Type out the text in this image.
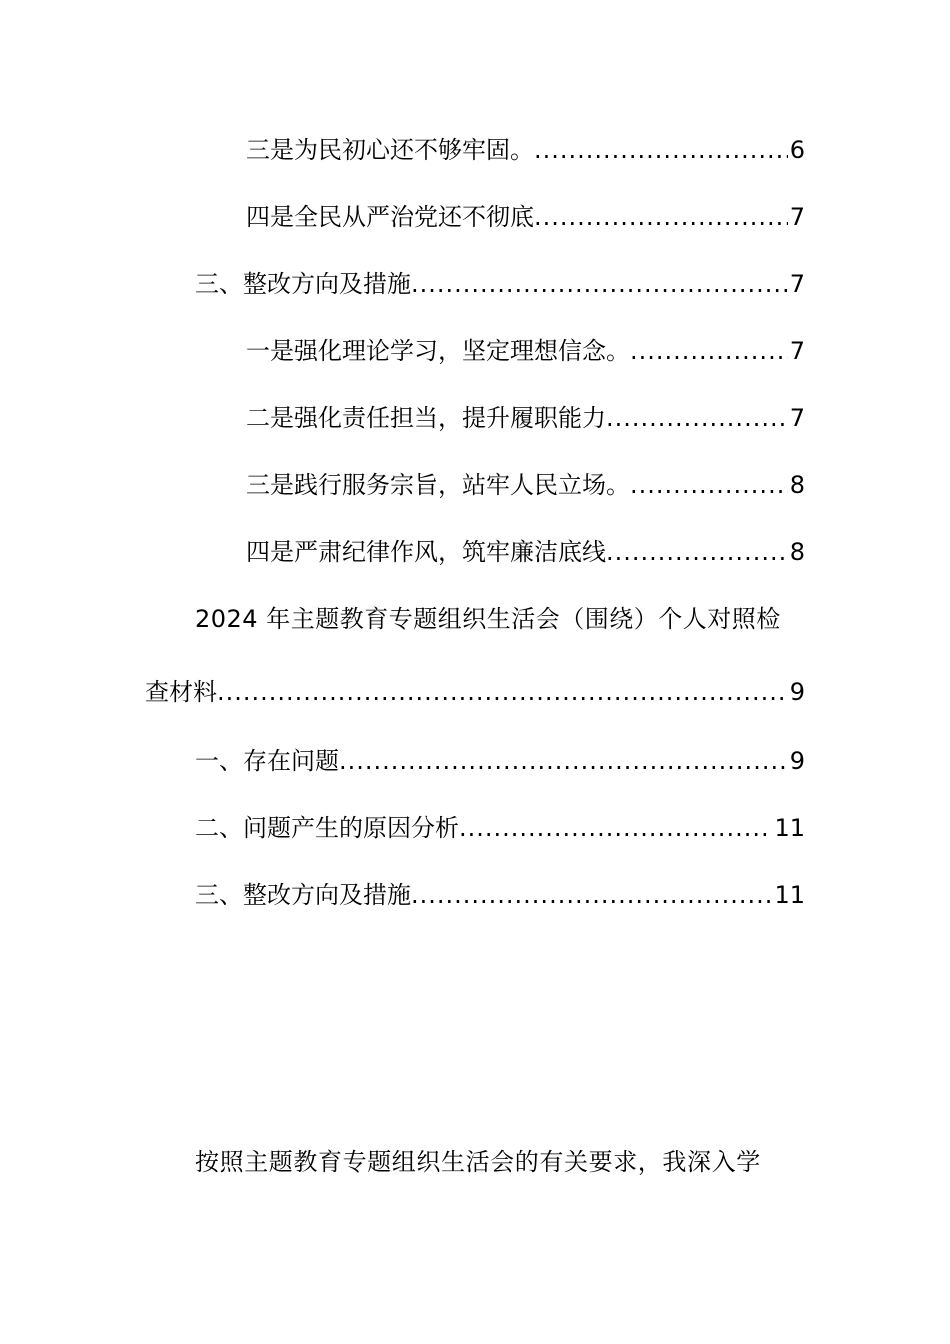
三是为民初心还不够牢固。 .....	6
四是全民从严治党还不彻底 .....	7
三、整改方向及措施 .....	7
一是强化理论学习，坚定理想信念。 .....	7
二是强化责任担当，提升履职能力 .....	7
三是践行服务宗旨，站牢人民立场。 .....	8
四是严肃纪律作风，筑牢廉洁底线 .....	8
2024 年主题教育专题组织生活会（围绕）个人对照检
查材料 .....	9
一、存在问题 .....	9
二、问题产生的原因分析 .....	11
三、整改方向及措施 .....	11
按照主题教育专题组织生活会的有关要求，我深入学
